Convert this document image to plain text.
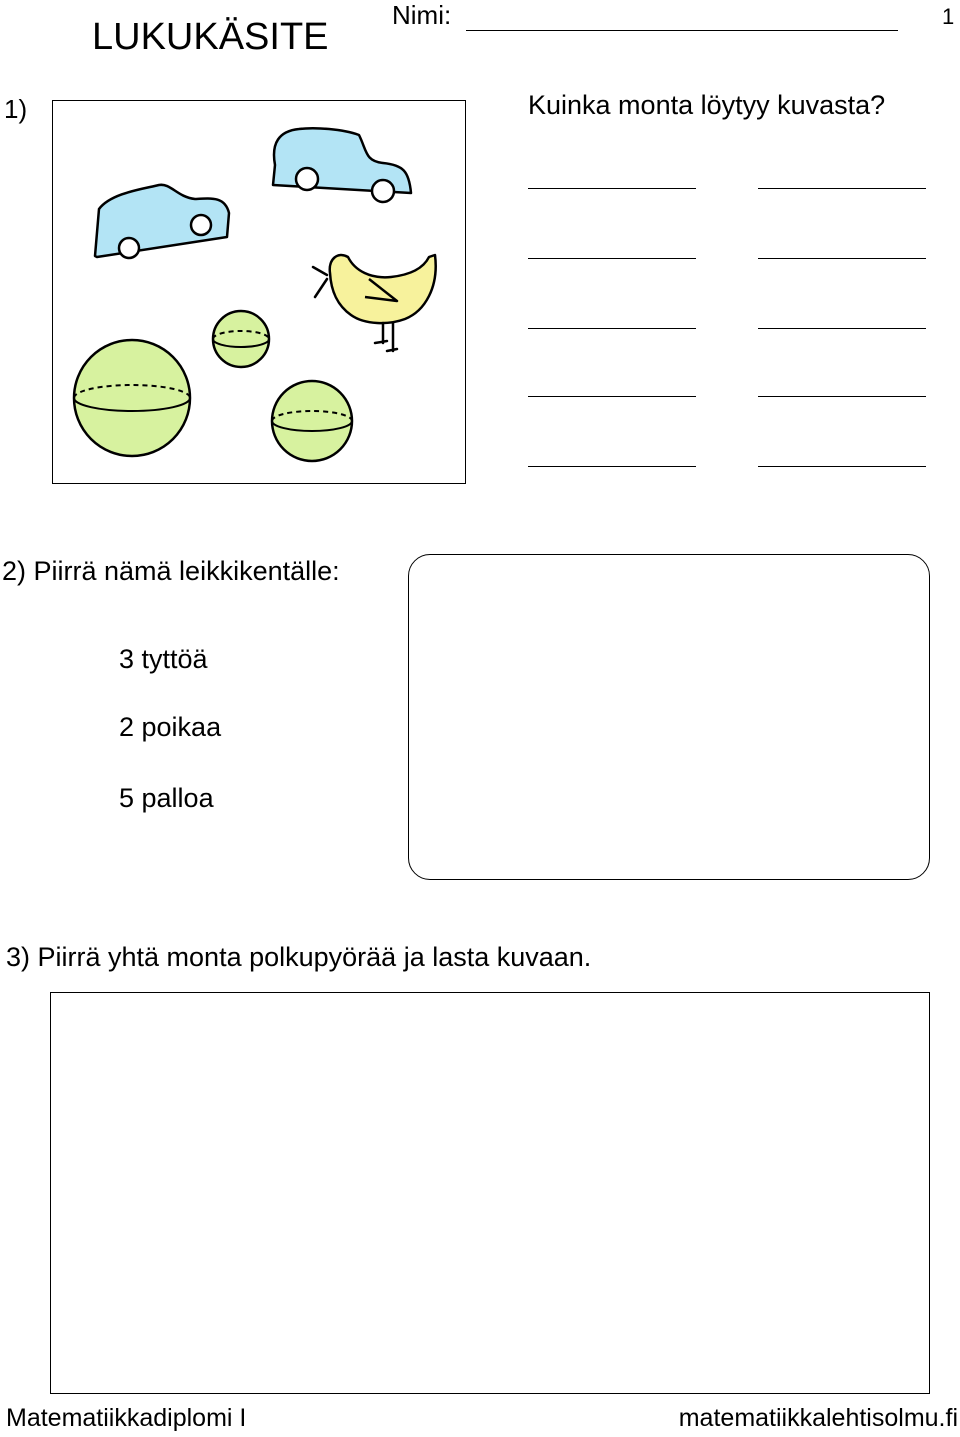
LUKUKÄSITE
Nimi:	1
1)	Kuinka monta löytyy kuvasta?
2) Piirrä nämä leikkikentälle:
3 tyttöä
2 poikaa
5 palloa
3) Piirrä yhtä monta polkupyörää ja lasta kuvaan.
Matematiikkadiplomi I	matematiikkalehtisolmu.fi
